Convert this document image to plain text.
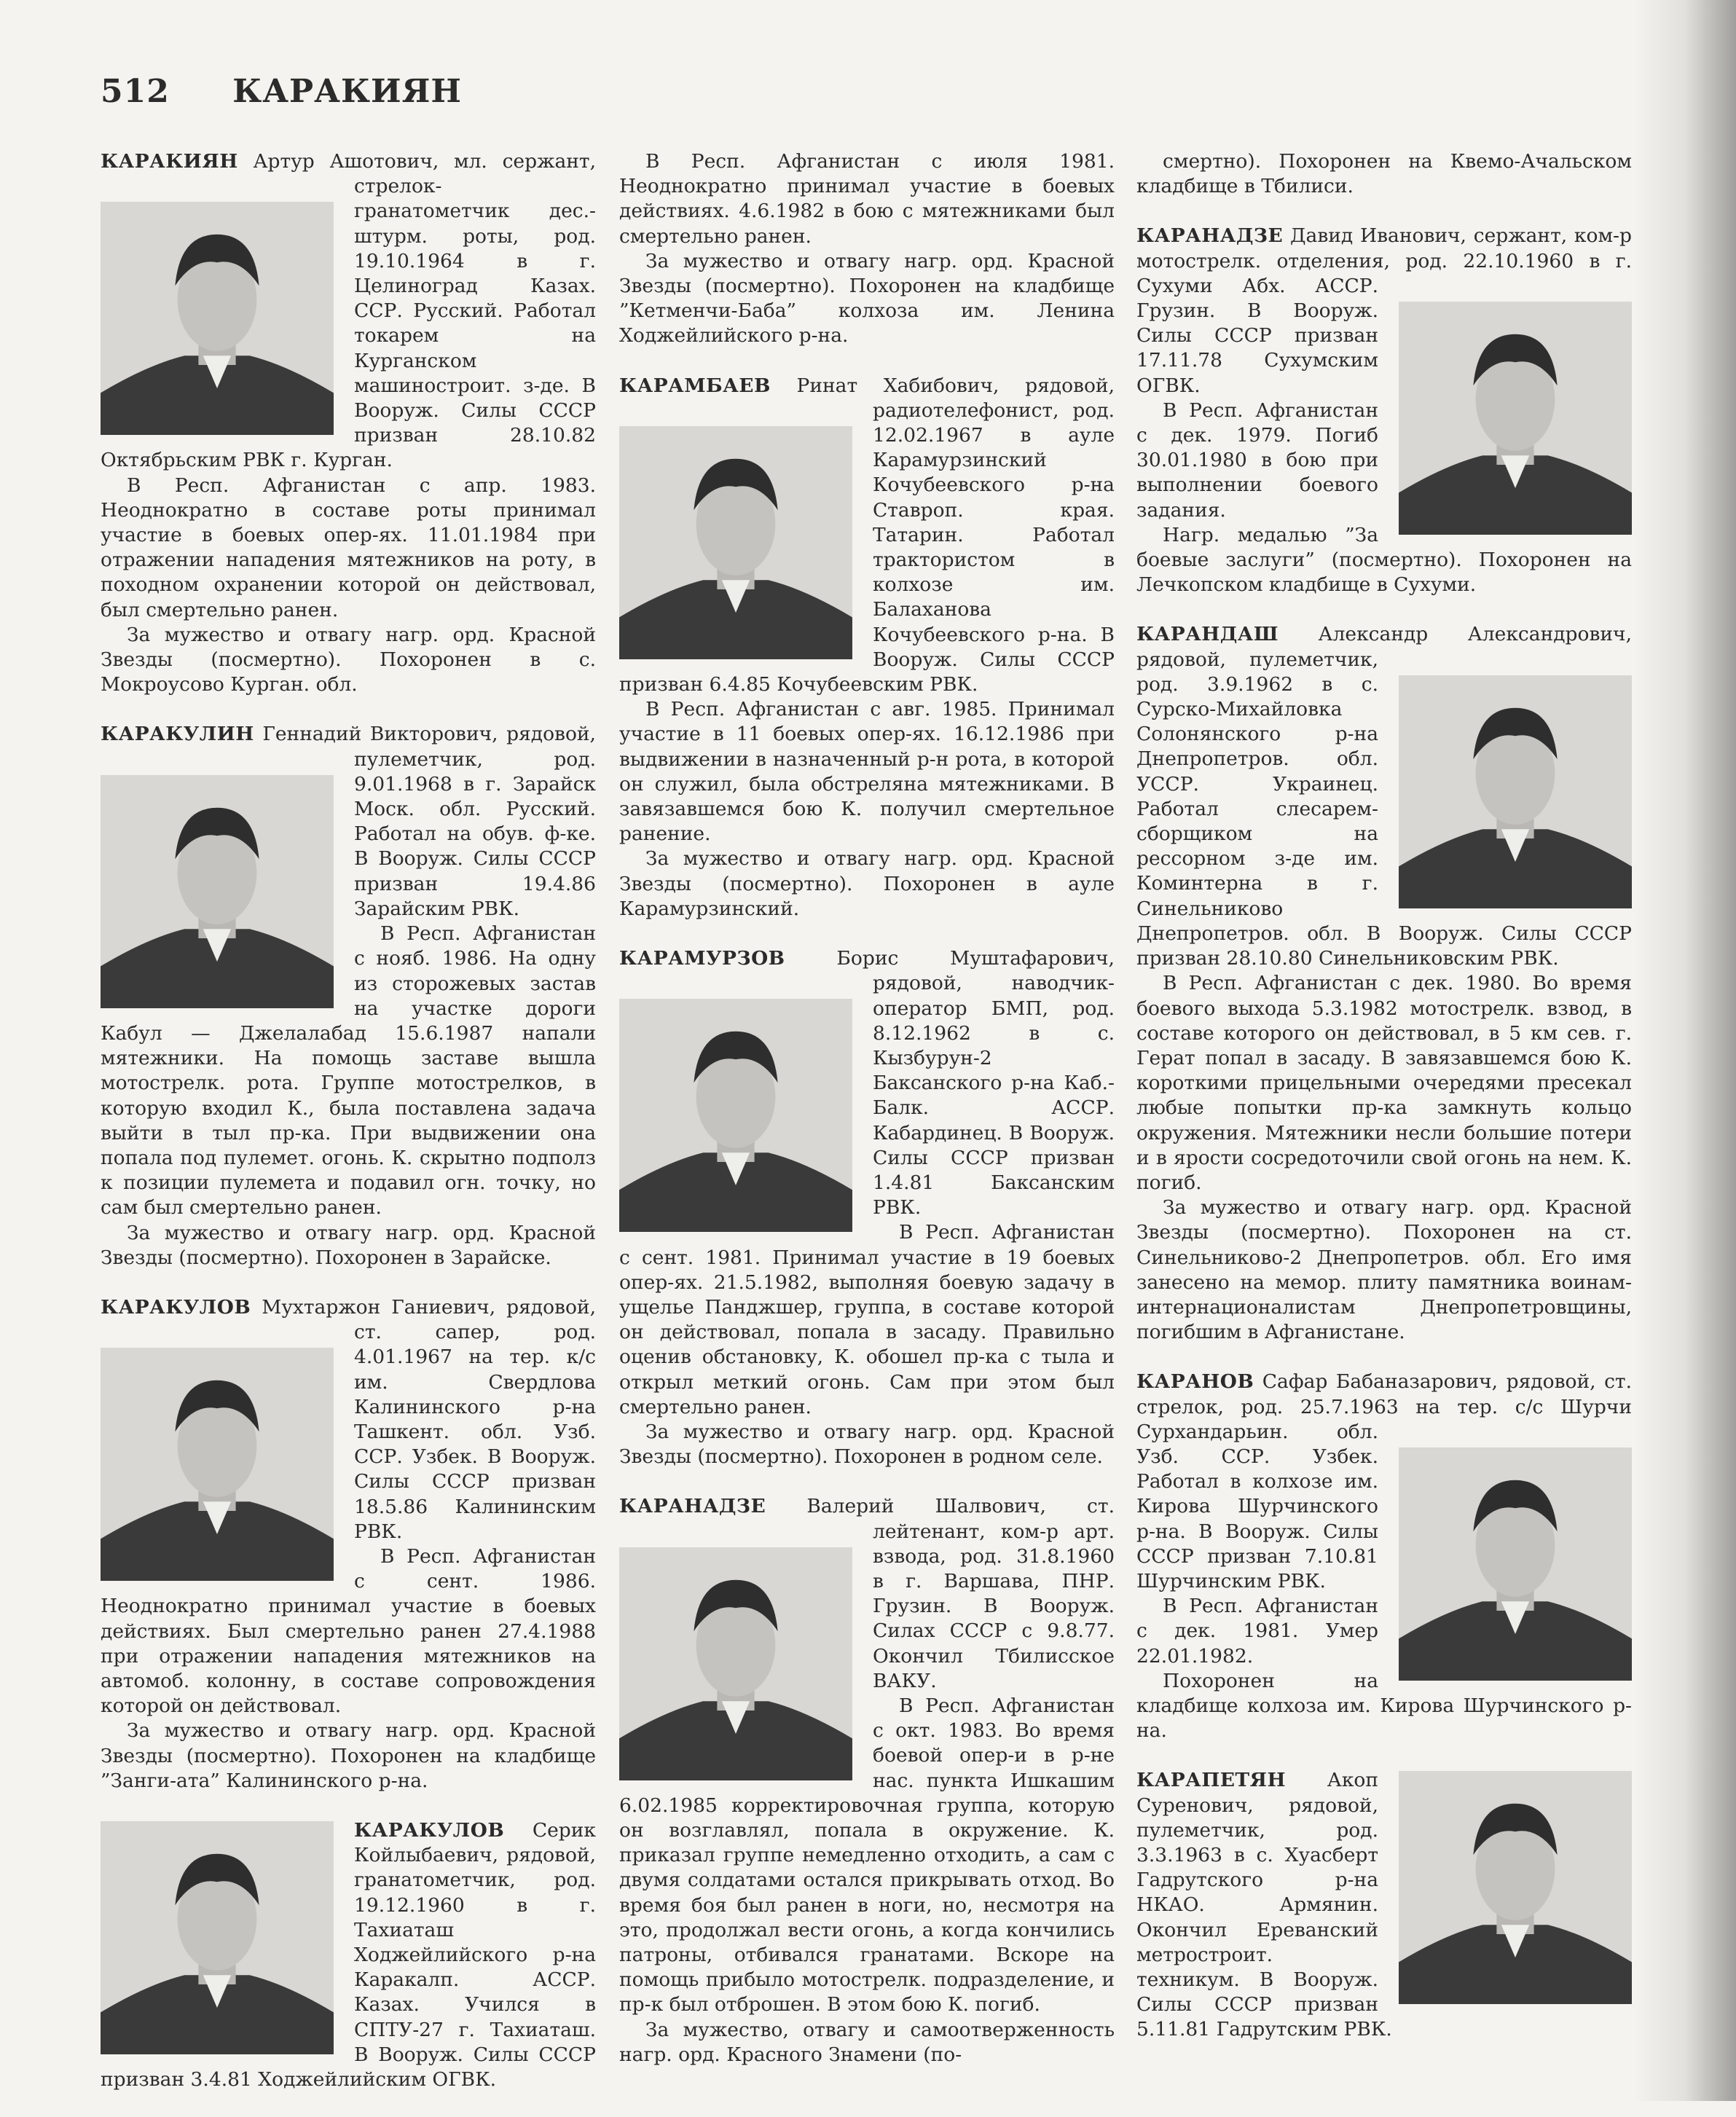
512 КАРАКИЯН

КАРАКИЯН Артур Ашотович, мл. сержант, стрелок-гранатометчик дес.-штурм. роты, род. 19.10.1964 в г. Целиноград Казах. ССР. Русский. Работал токарем на Курганском машиностроит. з-де. В Вооруж. Силы СССР призван 28.10.82 Октябрьским РВК г. Курган.

В Респ. Афганистан с апр. 1983. Неоднократно в составе роты принимал участие в боевых опер-ях. 11.01.1984 при отражении нападения мятежников на роту, в походном охранении которой он действовал, был смертельно ранен.

За мужество и отвагу нагр. орд. Красной Звезды (посмертно). Похоронен в с. Мокроусово Курган. обл.

КАРАКУЛИН Геннадий Викторович, рядовой, пулеметчик, род. 9.01.1968 в г. Зарайск Моск. обл. Русский. Работал на обув. ф-ке. В Вооруж. Силы СССР призван 19.4.86 Зарайским РВК.

В Респ. Афганистан с нояб. 1986. На одну из сторожевых застав на участке дороги Кабул — Джелалабад 15.6.1987 напали мятежники. На помощь заставе вышла мотострелк. рота. Группе мотострелков, в которую входил К., была поставлена задача выйти в тыл пр-ка. При выдвижении она попала под пулемет. огонь. К. скрытно подполз к позиции пулемета и подавил огн. точку, но сам был смертельно ранен.

За мужество и отвагу нагр. орд. Красной Звезды (посмертно). Похоронен в Зарайске.

КАРАКУЛОВ Мухтаржон Ганиевич, рядовой, ст. сапер, род. 4.01.1967 на тер. к/с им. Свердлова Калининского р-на Ташкент. обл. Узб. ССР. Узбек. В Вооруж. Силы СССР призван 18.5.86 Калининским РВК.

В Респ. Афганистан с сент. 1986. Неоднократно принимал участие в боевых действиях. Был смертельно ранен 27.4.1988 при отражении нападения мятежников на автомоб. колонну, в составе сопровождения которой он действовал.

За мужество и отвагу нагр. орд. Красной Звезды (посмертно). Похоронен на кладбище ”Занги-ата” Калининского р-на.

КАРАКУЛОВ Серик Койлыбаевич, рядовой, гранатометчик, род. 19.12.1960 в г. Тахиаташ Ходжейлийского р-на Каракалп. АССР. Казах. Учился в СПТУ-27 г. Тахиаташ. В Вооруж. Силы СССР призван 3.4.81 Ходжейлийским ОГВК.

В Респ. Афганистан с июля 1981. Неоднократно принимал участие в боевых действиях. 4.6.1982 в бою с мятежниками был смертельно ранен.

За мужество и отвагу нагр. орд. Красной Звезды (посмертно). Похоронен на кладбище ”Кетменчи-Баба” колхоза им. Ленина Ходжейлийского р-на.

КАРАМБАЕВ Ринат Хабибович, рядовой, радиотелефонист, род. 12.02.1967 в ауле Карамурзинский Кочубеевского р-на Ставроп. края. Татарин. Работал трактористом в колхозе им. Балаханова Кочубеевского р-на. В Вооруж. Силы СССР призван 6.4.85 Кочубеевским РВК.

В Респ. Афганистан с авг. 1985. Принимал участие в 11 боевых опер-ях. 16.12.1986 при выдвижении в назначенный р-н рота, в которой он служил, была обстреляна мятежниками. В завязавшемся бою К. получил смертельное ранение.

За мужество и отвагу нагр. орд. Красной Звезды (посмертно). Похоронен в ауле Карамурзинский.

КАРАМУРЗОВ	Борис Муштафарович, рядовой, наводчик-оператор БМП, род. 8.12.1962 в с. Кызбурун-2 Баксанского р-на Каб.-Балк. АССР. Кабардинец. В Вооруж. Силы СССР призван 1.4.81 Баксанским РВК.

В Респ. Афганистан с сент. 1981. Принимал участие в 19 боевых опер-ях. 21.5.1982, выполняя боевую задачу в ущелье Панджшер, группа, в составе которой он действовал, попала в засаду. Правильно оценив обстановку, К. обошел пр-ка с тыла и открыл меткий огонь. Сам при этом был смертельно ранен.

За мужество и отвагу нагр. орд. Красной Звезды (посмертно). Похоронен в родном селе.

КАРАНАДЗЕ Валерий Шалвович, ст. лейтенант, ком-р арт. взвода, род. 31.8.1960 в г. Варшава, ПНР. Грузин. В Вооруж. Силах СССР с 9.8.77. Окончил Тбилисское ВАКУ.

В Респ. Афганистан с окт. 1983. Во время боевой опер-и в р-не нас. пункта Ишкашим 6.02.1985 корректировочная группа, которую он возглавлял, попала в окружение. К. приказал группе немедленно отходить, а сам с двумя солдатами остался прикрывать отход. Во время боя был ранен в ноги, но, несмотря на это, продолжал вести огонь, а когда кончились патроны, отбивался гранатами. Вскоре на помощь прибыло мотострелк. подразделение, и пр-к был отброшен. В этом бою К. погиб.

За мужество, отвагу и самоотверженность нагр. орд. Красного Знамени (по-

смертно). Похоронен на Квемо-Ачальском кладбище в Тбилиси.

КАРАНАДЗЕ Давид Иванович, сержант, ком-р мотострелк. отделения, род. 22.10.1960 в г. Сухуми Абх. АССР. Грузин. В Вооруж. Силы СССР призван 17.11.78 Сухумским ОГВК.

В Респ. Афганистан с дек. 1979. Погиб 30.01.1980 в бою при выполнении боевого задания.

Нагр. медалью ”За боевые заслуги” (посмертно). Похоронен на Лечкопском кладбище в Сухуми.

КАРАНДАШ Александр Александрович, рядовой, пулеметчик, род. 3.9.1962 в с. Сурско-Михайловка Солонянского р-на Днепропетров. обл. УССР. Украинец. Работал слесарем-сборщиком на рессорном з-де им. Коминтерна в г. Синельниково Днепропетров. обл. В Вооруж. Силы СССР призван 28.10.80 Синельниковским РВК.

В Респ. Афганистан с дек. 1980. Во время боевого выхода 5.3.1982 мотострелк. взвод, в составе которого он действовал, в 5 км сев. г. Герат попал в засаду. В завязавшемся бою К. короткими прицельными очередями пресекал любые попытки пр-ка замкнуть кольцо окружения. Мятежники несли большие потери и в ярости сосредоточили свой огонь на нем. К. погиб.

За мужество и отвагу нагр. орд. Красной Звезды (посмертно). Похоронен на ст. Синельниково-2 Днепропетров. обл. Его имя занесено на мемор. плиту памятника воинам-интернационалистам Днепропетровщины, погибшим в Афганистане.

КАРАНОВ Сафар Бабаназарович, рядовой, ст. стрелок, род. 25.7.1963 на тер. с/с Шурчи Сурхандарьин. обл. Узб. ССР. Узбек. Работал в колхозе им. Кирова Шурчинского р-на. В Вооруж. Силы СССР призван 7.10.81 Шурчинским РВК.

В Респ. Афганистан с дек. 1981. Умер 22.01.1982.

Похоронен на кладбище колхоза им. Кирова Шурчинского р-на.

КАРАПЕТЯН Акоп Суренович, рядовой, пулеметчик, род. 3.3.1963 в с. Хуасберт Гадрутского р-на НКАО. Армянин. Окончил Ереванский метростроит. техникум. В Вооруж. Силы СССР призван 5.11.81 Гадрутским РВК.
